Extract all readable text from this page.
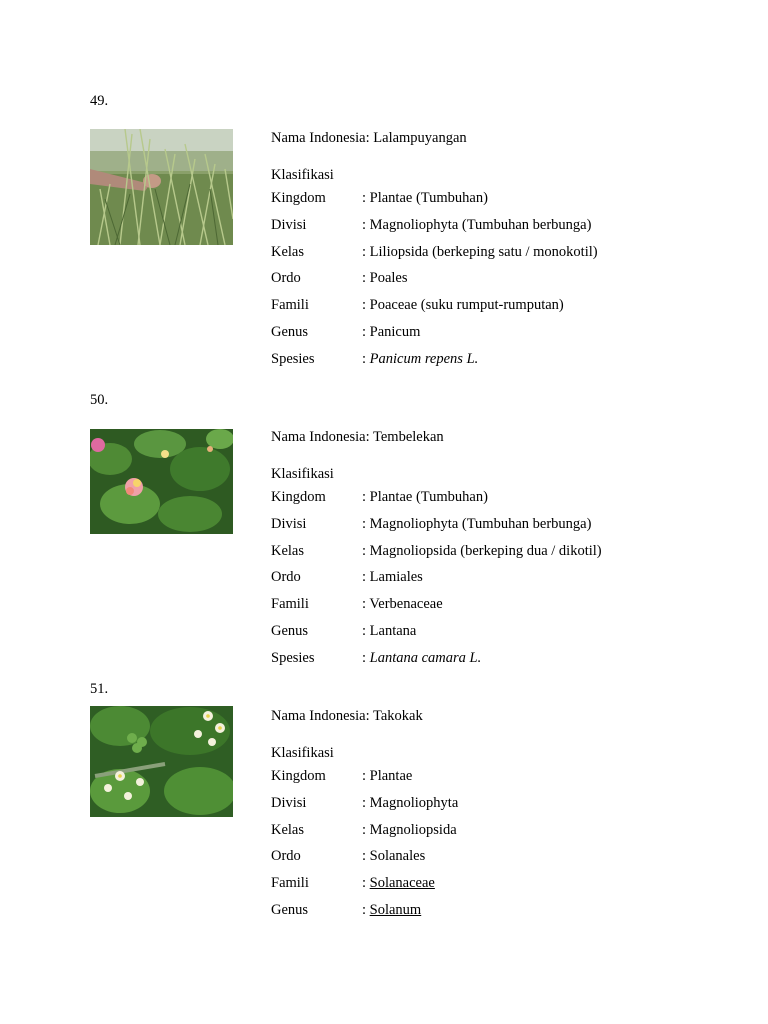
49.
Nama Indonesia: Lalampuyangan
Klasifikasi
Kingdom	: Plantae (Tumbuhan)
Divisi	: Magnoliophyta (Tumbuhan berbunga)
Kelas	: Liliopsida (berkeping satu / monokotil)
Ordo	: Poales
Famili	: Poaceae (suku rumput-rumputan)
Genus	: Panicum
Spesies	: Panicum repens L.
50.
Nama Indonesia: Tembelekan
Klasifikasi
Kingdom	: Plantae (Tumbuhan)
Divisi	: Magnoliophyta (Tumbuhan berbunga)
Kelas	: Magnoliopsida (berkeping dua / dikotil)
Ordo	: Lamiales
Famili	: Verbenaceae
Genus	: Lantana
Spesies	: Lantana camara L.
51.
Nama Indonesia: Takokak
Klasifikasi
Kingdom	: Plantae
Divisi	: Magnoliophyta
Kelas	: Magnoliopsida
Ordo	: Solanales
Famili	: Solanaceae
Genus	: Solanum
